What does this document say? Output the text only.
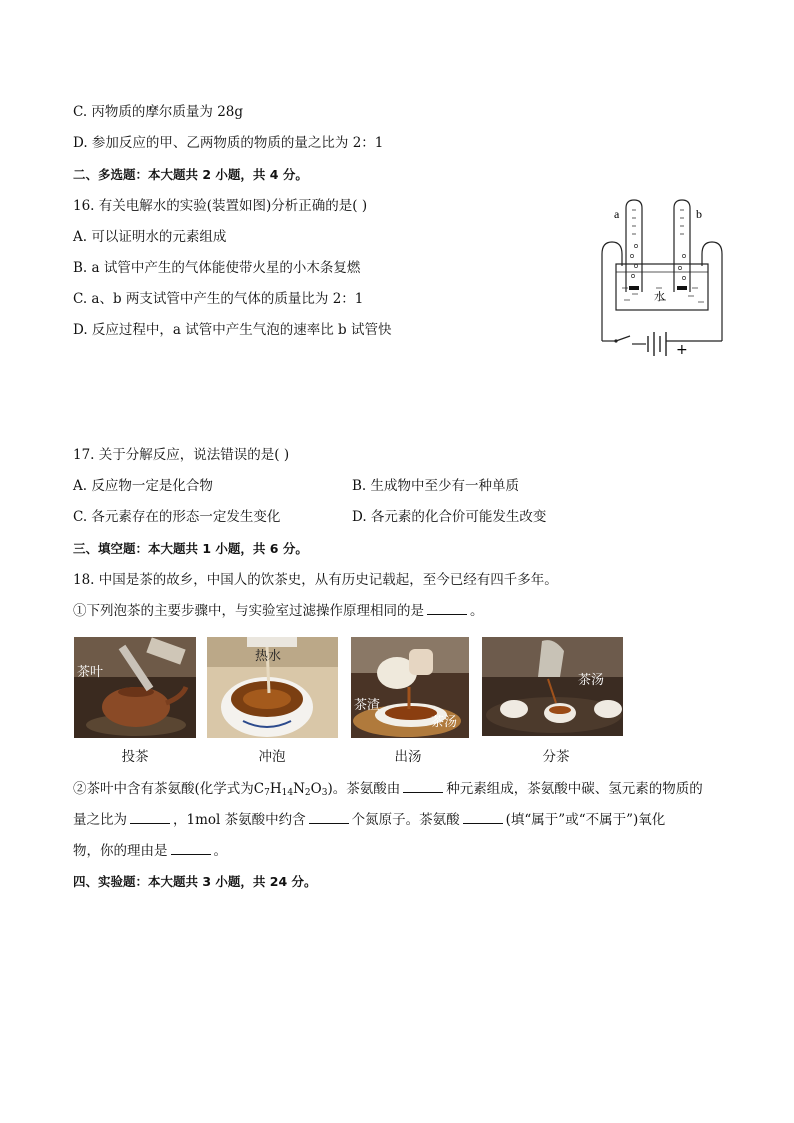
C. 丙物质的摩尔质量为 28g
D. 参加反应的甲、乙两物质的物质的量之比为 2：1
二、多选题：本大题共 2 小题，共 4 分。
16. 有关电解水的实验(装置如图)分析正确的是( )
A. 可以证明水的元素组成
B. a 试管中产生的气体能使带火星的小木条复燃
C. a、b 两支试管中产生的气体的质量比为 2：1
D. 反应过程中，a 试管中产生气泡的速率比 b 试管快
a	b
水
+
17. 关于分解反应，说法错误的是( )
A. 反应物一定是化合物	B. 生成物中至少有一种单质
C. 各元素存在的形态一定发生变化	D. 各元素的化合价可能发生改变
三、填空题：本大题共 1 小题，共 6 分。
18. 中国是茶的故乡，中国人的饮茶史，从有历史记载起，至今已经有四千多年。
①下列泡茶的主要步骤中，与实验室过滤操作原理相同的是	。
茶叶
投茶
热水
冲泡
茶渣
茶汤
出汤
茶汤
分茶
②茶叶中含有茶氨酸(化学式为$C_7H_{14}N_2O_3$)。茶氨酸由	种元素组成，茶氨酸中碳、氢元素的物质的
量之比为	，1mol 茶氨酸中约含	个氮原子。茶氨酸	(填“属于”或“不属于”)氧化
物，你的理由是	。
四、实验题：本大题共 3 小题，共 24 分。
